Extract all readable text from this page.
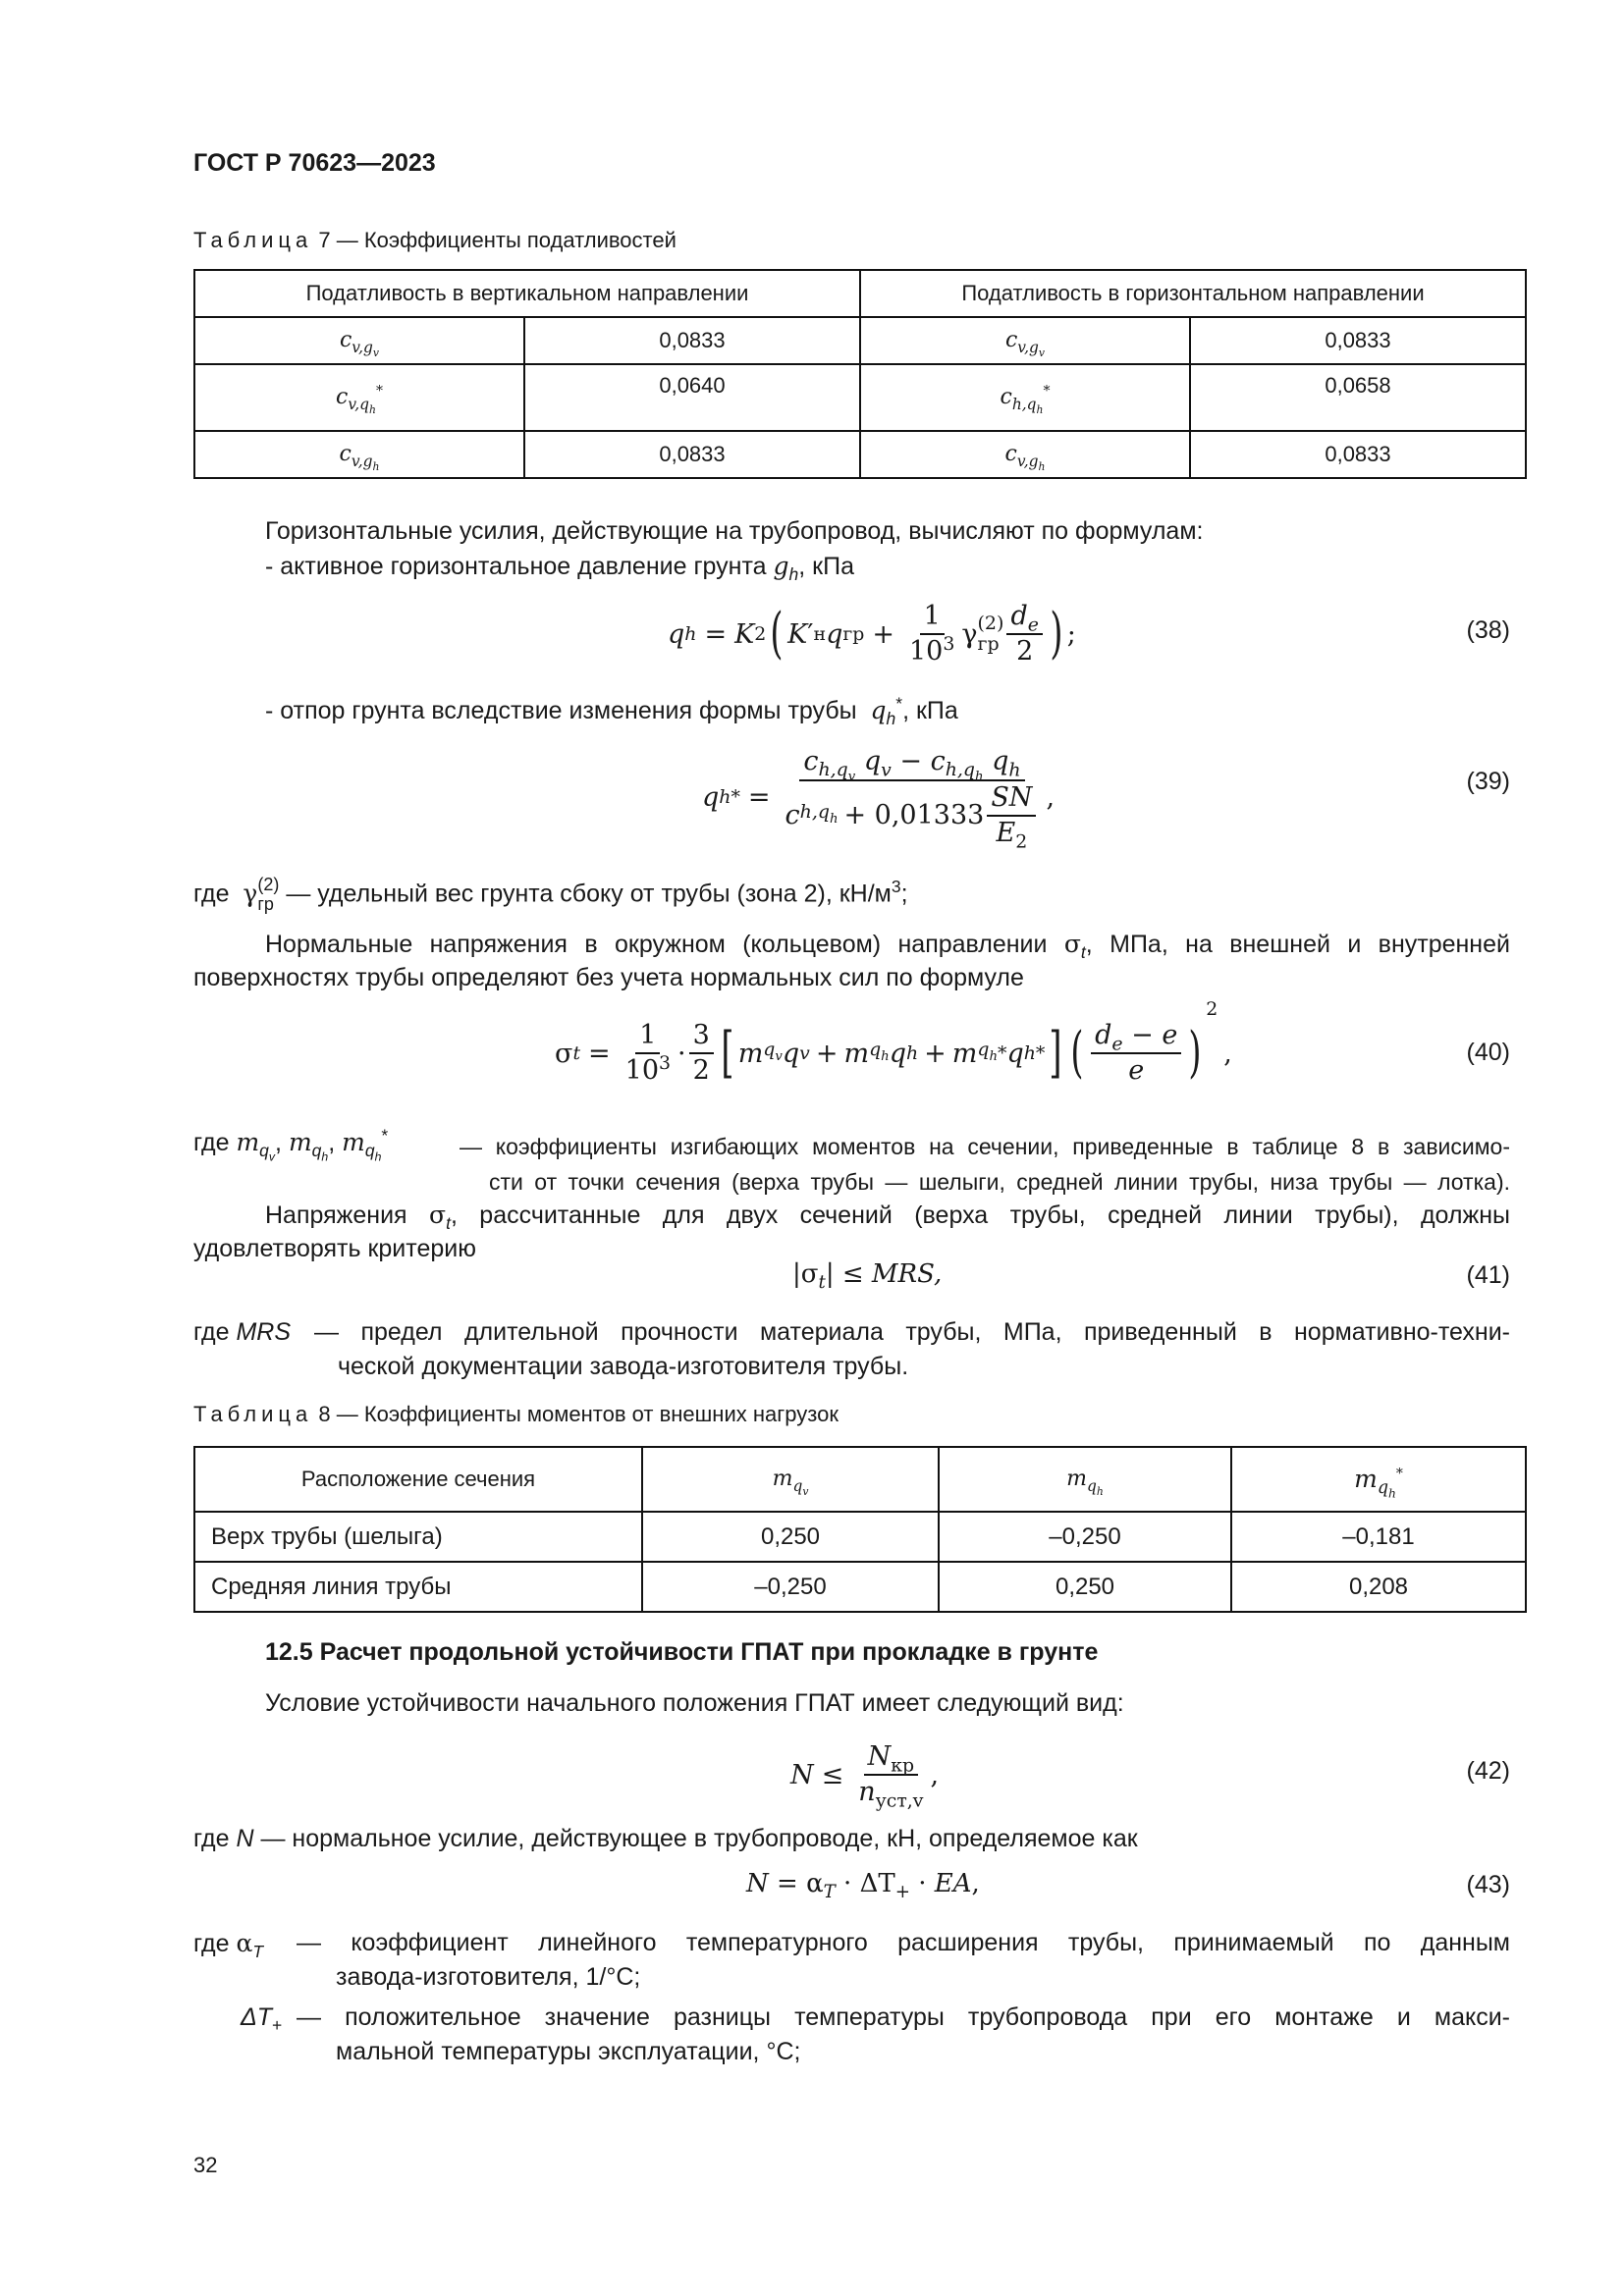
ГОСТ Р 70623—2023
Таблица 7 — Коэффициенты податливостей
Податливость в вертикальном направлении		Податливость в горизонтальном направлении	
$c_{v,g_v}$	0,0833	$c_{v,g_v}$	0,0833
$c_{v,q_h}^*$	0,0640	$c_{h,q_h}^*$	0,0658
$c_{v,g_h}$	0,0833	$c_{v,g_h}$	0,0833
Горизонтальные усилия, действующие на трубопровод, вычисляют по формулам:
- активное горизонтальное давление грунта $g_h$, кПа
q h = K 2 ( K ′ н q гр + $\frac{1}{10^3}$ γ (2)
гр $\frac{d_e}{2}$ ) ;	(38)
- отпор грунта вследствие изменения формы трубы $q_h^*$, кПа
q h * = $\frac{c_{h,q_v} q_v - c_{h,q_h} q_h}{c h,q_h + 0,01333 \frac{SN}{E_2}}$ ,
(39)
где γ (2)
гр — удельный вес грунта сбоку от трубы (зона 2), $кН/м^3$;
Нормальные напряжения в окружном (кольцевом) направлении $\sigma_t$, МПа, на внешней и внутренней
поверхностях трубы определяют без учета нормальных сил по формуле
σ $t = \frac{1}{10^3} \cdot \frac{3}{2}$ [ m $q_v$ q v + m $q_h$ q h + m $q_h$ * q h * ] ( $\frac{d_e - e}{e}$ )
2
,	(40)
где $m_{q_v}$, $m_{q_h}$, $m_{q_h}^*$	— коэффициенты изгибающих моментов на сечении, приведенные в таблице 8 в зависимо-
сти от точки сечения (верха трубы — шелыги, средней линии трубы, низа трубы — лотка).
Напряжения $\sigma_t$, рассчитанные для двух сечений (верха трубы, средней линии трубы), должны
удовлетворять критерию
$|\sigma_t|$ ≤ MRS,	(41)
где MRS — предел длительной прочности материала трубы, МПа, приведенный в нормативно-техни-
ческой документации завода-изготовителя трубы.
Таблица 8 — Коэффициенты моментов от внешних нагрузок
Расположение сечения	$m_{q_v}$	$m_{q_h}$	$m_{q_h}^*$
Верх трубы (шелыга)	0,250	–0,250	–0,181
Средняя линия трубы	–0,250	0,250	0,208
12.5 Расчет продольной устойчивости ГПАТ при прокладке в грунте
Условие устойчивости начального положения ГПАТ имеет следующий вид:
$N \le \frac{N_{кр}}{n_{уст,v}}$ ,	(42)
где N — нормальное усилие, действующее в трубопроводе, кН, определяемое как
$N = \alpha_T \cdot \Delta T_+$ · EA,	(43)
где $\alpha_T$ — коэффициент линейного температурного расширения трубы, принимаемый по данным
завода-изготовителя, 1/°C;
$\Delta T_+$ — положительное значение разницы температуры трубопровода при его монтаже и макси-
мальной температуры эксплуатации, °C;
32
